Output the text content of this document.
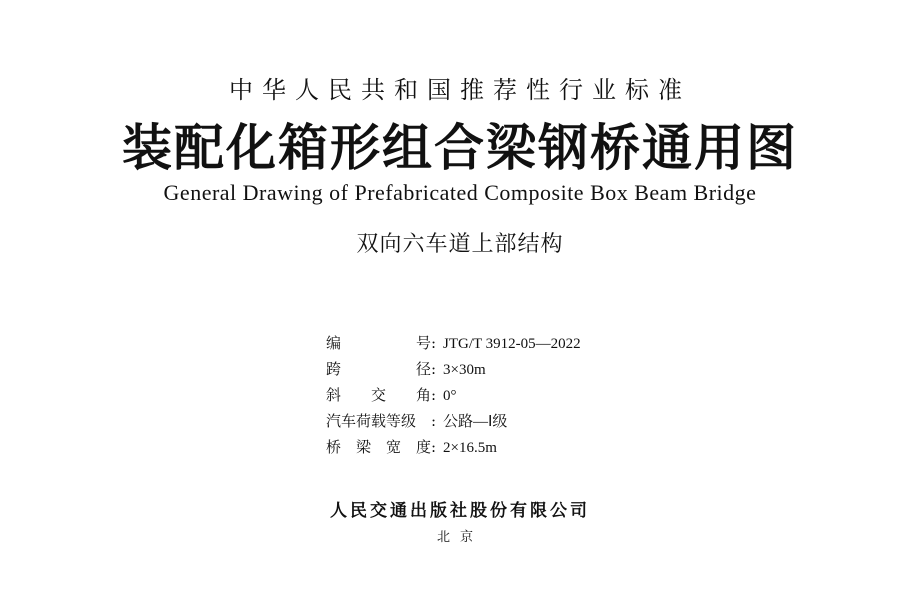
中华人民共和国推荐性行业标准
装配化箱形组合梁钢桥通用图
General Drawing of Prefabricated Composite Box Beam Bridge
双向六车道上部结构
编	号 : JTG/T 3912-05—2022
跨	径 : 3×30m
斜 交 角 : 0°
汽车荷载等级 : 公路—Ⅰ级
桥 梁 宽 度 : 2×16.5m
人民交通出版社股份有限公司
北京
